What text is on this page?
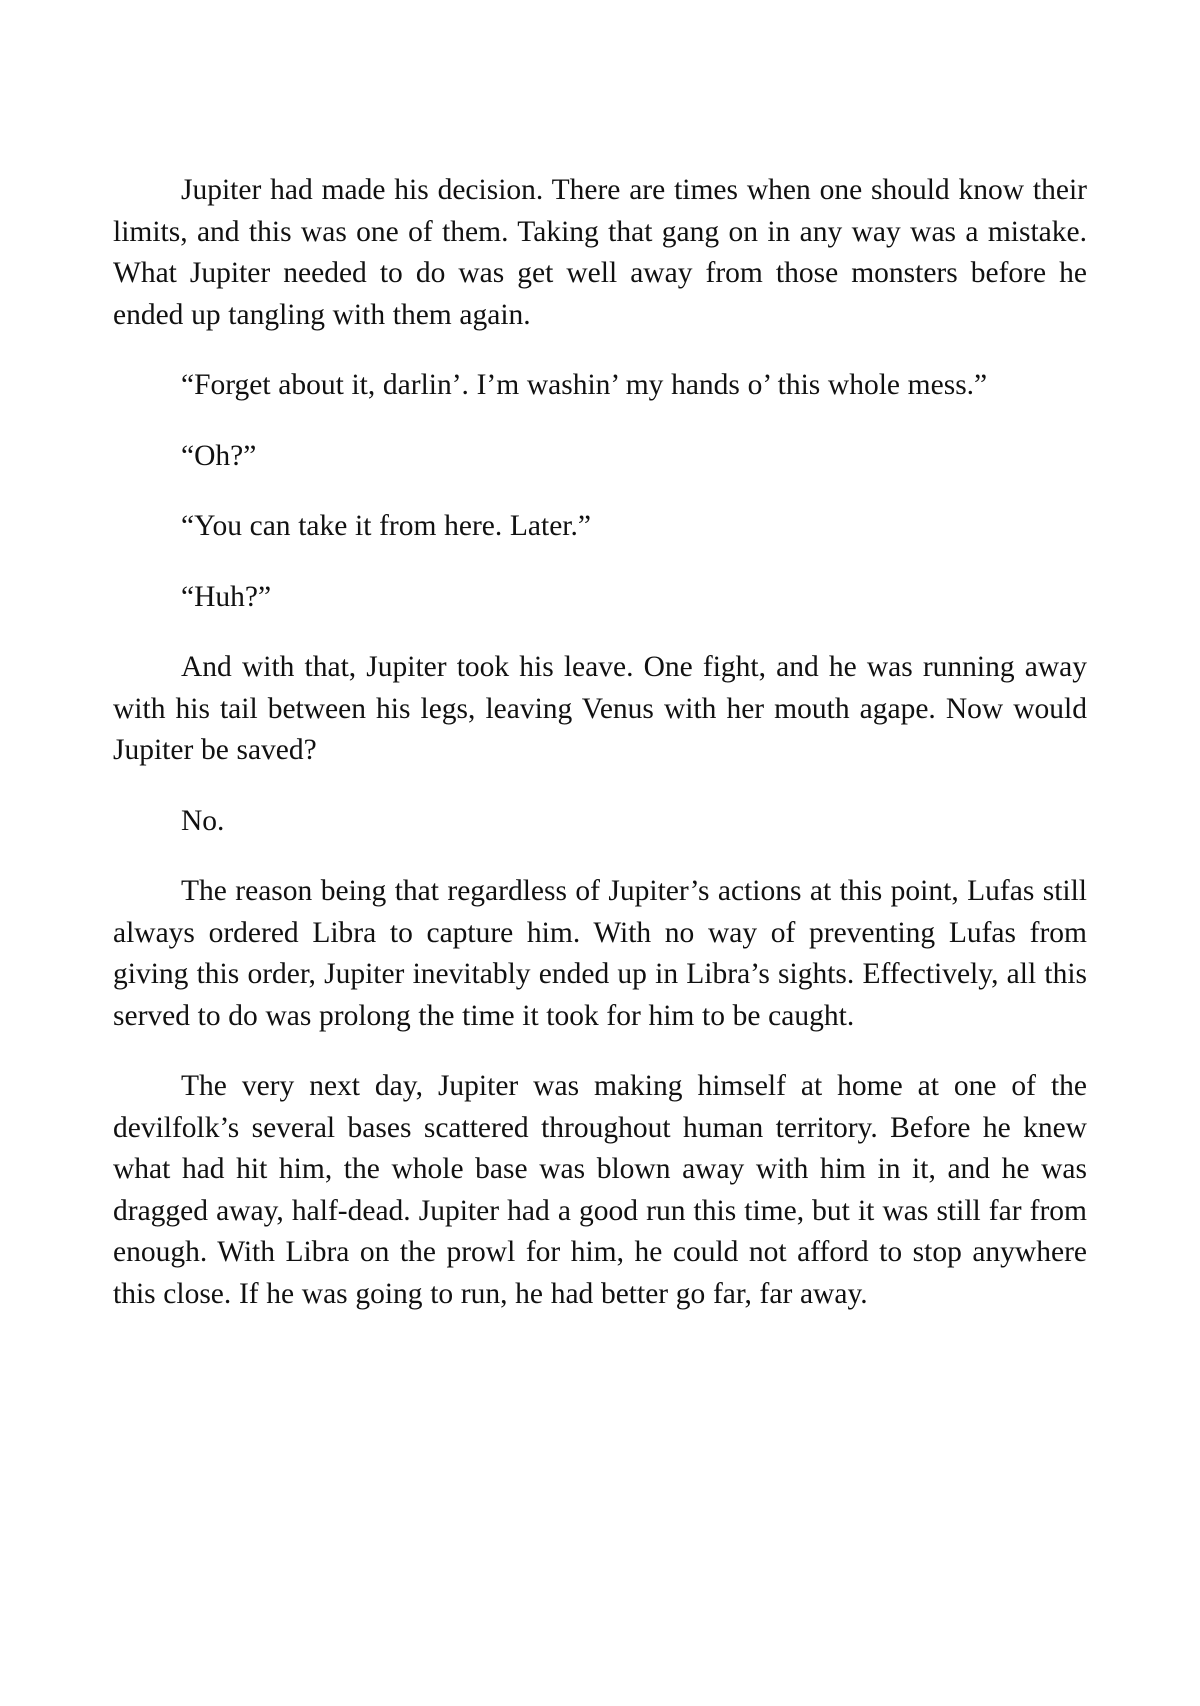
Jupiter had made his decision. There are times when one should know their limits, and this was one of them. Taking that gang on in any way was a mistake. What Jupiter needed to do was get well away from those monsters before he ended up tangling with them again.

“Forget about it, darlin’. I’m washin’ my hands o’ this whole mess.”

“Oh?”

“You can take it from here. Later.”

“Huh?”

And with that, Jupiter took his leave. One fight, and he was running away with his tail between his legs, leaving Venus with her mouth agape. Now would Jupiter be saved?

No.

The reason being that regardless of Jupiter’s actions at this point, Lufas still always ordered Libra to capture him. With no way of preventing Lufas from giving this order, Jupiter inevitably ended up in Libra’s sights. Effectively, all this served to do was prolong the time it took for him to be caught.

The very next day, Jupiter was making himself at home at one of the devilfolk’s several bases scattered throughout human territory. Before he knew what had hit him, the whole base was blown away with him in it, and he was dragged away, half-dead. Jupiter had a good run this time, but it was still far from enough. With Libra on the prowl for him, he could not afford to stop anywhere this close. If he was going to run, he had better go far, far away.
